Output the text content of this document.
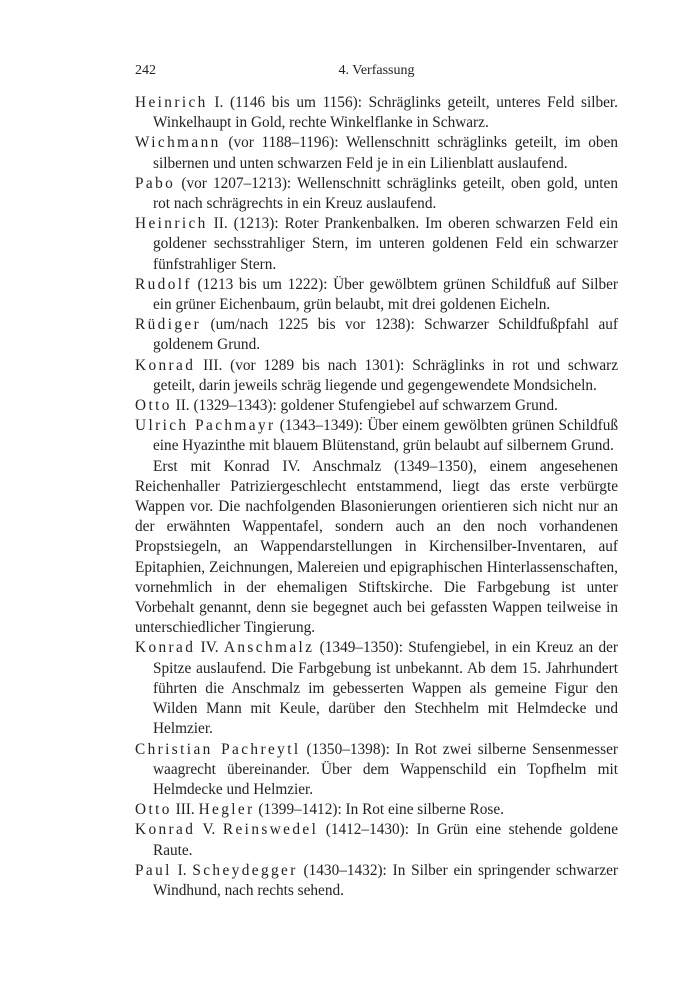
242	4. Verfassung

Heinrich I. (1146 bis um 1156): Schräglinks geteilt, unteres Feld silber. Winkelhaupt in Gold, rechte Winkelflanke in Schwarz.

Wichmann (vor 1188–1196): Wellenschnitt schräglinks geteilt, im oben silbernen und unten schwarzen Feld je in ein Lilienblatt auslaufend.

Pabo (vor 1207–1213): Wellenschnitt schräglinks geteilt, oben gold, unten rot nach schrägrechts in ein Kreuz auslaufend.

Heinrich II. (1213): Roter Prankenbalken. Im oberen schwarzen Feld ein goldener sechsstrahliger Stern, im unteren goldenen Feld ein schwarzer fünfstrahliger Stern.

Rudolf (1213 bis um 1222): Über gewölbtem grünen Schildfuß auf Silber ein grüner Eichenbaum, grün belaubt, mit drei goldenen Eicheln.

Rüdiger (um/nach 1225 bis vor 1238): Schwarzer Schildfußpfahl auf goldenem Grund.

Konrad III. (vor 1289 bis nach 1301): Schräglinks in rot und schwarz geteilt, darin jeweils schräg liegende und gegengewendete Mondsicheln.

Otto II. (1329–1343): goldener Stufengiebel auf schwarzem Grund.

Ulrich Pachmayr (1343–1349): Über einem gewölbten grünen Schildfuß eine Hyazinthe mit blauem Blütenstand, grün belaubt auf silbernem Grund.

Erst mit Konrad IV. Anschmalz (1349–1350), einem angesehenen Reichenhaller Patriziergeschlecht entstammend, liegt das erste verbürgte Wappen vor. Die nachfolgenden Blasonierungen orientieren sich nicht nur an der erwähnten Wappentafel, sondern auch an den noch vorhandenen Propstsiegeln, an Wappendarstellungen in Kirchensilber-Inventaren, auf Epitaphien, Zeichnungen, Malereien und epigraphischen Hinterlassenschaften, vornehmlich in der ehemaligen Stiftskirche. Die Farbgebung ist unter Vorbehalt genannt, denn sie begegnet auch bei gefassten Wappen teilweise in unterschiedlicher Tingierung.

Konrad IV. Anschmalz (1349–1350): Stufengiebel, in ein Kreuz an der Spitze auslaufend. Die Farbgebung ist unbekannt. Ab dem 15. Jahrhundert führten die Anschmalz im gebesserten Wappen als gemeine Figur den Wilden Mann mit Keule, darüber den Stechhelm mit Helmdecke und Helmzier.

Christian Pachreytl (1350–1398): In Rot zwei silberne Sensenmesser waagrecht übereinander. Über dem Wappenschild ein Topfhelm mit Helmdecke und Helmzier.

Otto III. Hegler (1399–1412): In Rot eine silberne Rose.

Konrad V. Reinswedel (1412–1430): In Grün eine stehende goldene Raute.

Paul I. Scheydegger (1430–1432): In Silber ein springender schwarzer Windhund, nach rechts sehend.
